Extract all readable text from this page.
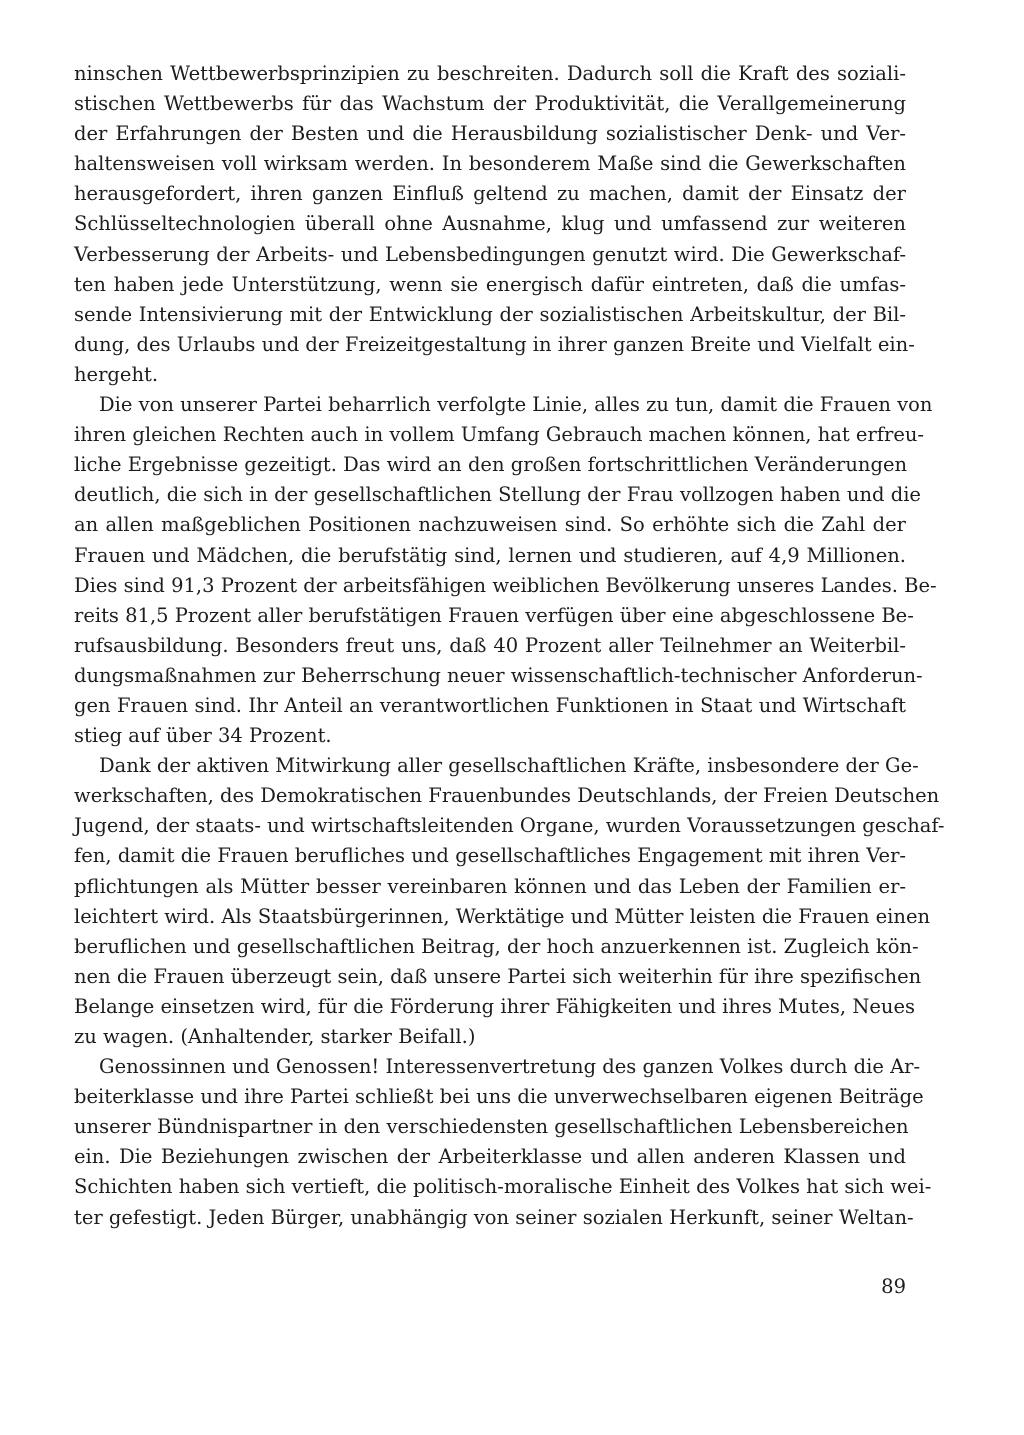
ninschen Wettbewerbsprinzipien zu beschreiten. Dadurch soll die Kraft des soziali-
stischen Wettbewerbs für das Wachstum der Produktivität, die Verallgemeinerung
der Erfahrungen der Besten und die Herausbildung sozialistischer Denk- und Ver-
haltensweisen voll wirksam werden. In besonderem Maße sind die Gewerkschaften
herausgefordert, ihren ganzen Einfluß geltend zu machen, damit der Einsatz der
Schlüsseltechnologien überall ohne Ausnahme, klug und umfassend zur weiteren
Verbesserung der Arbeits- und Lebensbedingungen genutzt wird. Die Gewerkschaf-
ten haben jede Unterstützung, wenn sie energisch dafür eintreten, daß die umfas-
sende Intensivierung mit der Entwicklung der sozialistischen Arbeitskultur, der Bil-
dung, des Urlaubs und der Freizeitgestaltung in ihrer ganzen Breite und Vielfalt ein-
hergeht.
Die von unserer Partei beharrlich verfolgte Linie, alles zu tun, damit die Frauen von
ihren gleichen Rechten auch in vollem Umfang Gebrauch machen können, hat erfreu-
liche Ergebnisse gezeitigt. Das wird an den großen fortschrittlichen Veränderungen
deutlich, die sich in der gesellschaftlichen Stellung der Frau vollzogen haben und die
an allen maßgeblichen Positionen nachzuweisen sind. So erhöhte sich die Zahl der
Frauen und Mädchen, die berufstätig sind, lernen und studieren, auf 4,9 Millionen.
Dies sind 91,3 Prozent der arbeitsfähigen weiblichen Bevölkerung unseres Landes. Be-
reits 81,5 Prozent aller berufstätigen Frauen verfügen über eine abgeschlossene Be-
rufsausbildung. Besonders freut uns, daß 40 Prozent aller Teilnehmer an Weiterbil-
dungsmaßnahmen zur Beherrschung neuer wissenschaftlich-technischer Anforderun-
gen Frauen sind. Ihr Anteil an verantwortlichen Funktionen in Staat und Wirtschaft
stieg auf über 34 Prozent.
Dank der aktiven Mitwirkung aller gesellschaftlichen Kräfte, insbesondere der Ge-
werkschaften, des Demokratischen Frauenbundes Deutschlands, der Freien Deutschen
Jugend, der staats- und wirtschaftsleitenden Organe, wurden Voraussetzungen geschaf-
fen, damit die Frauen berufliches und gesellschaftliches Engagement mit ihren Ver-
pflichtungen als Mütter besser vereinbaren können und das Leben der Familien er-
leichtert wird. Als Staatsbürgerinnen, Werktätige und Mütter leisten die Frauen einen
beruflichen und gesellschaftlichen Beitrag, der hoch anzuerkennen ist. Zugleich kön-
nen die Frauen überzeugt sein, daß unsere Partei sich weiterhin für ihre spezifischen
Belange einsetzen wird, für die Förderung ihrer Fähigkeiten und ihres Mutes, Neues
zu wagen. (Anhaltender, starker Beifall.)
Genossinnen und Genossen! Interessenvertretung des ganzen Volkes durch die Ar-
beiterklasse und ihre Partei schließt bei uns die unverwechselbaren eigenen Beiträge
unserer Bündnispartner in den verschiedensten gesellschaftlichen Lebensbereichen
ein. Die Beziehungen zwischen der Arbeiterklasse und allen anderen Klassen und
Schichten haben sich vertieft, die politisch-moralische Einheit des Volkes hat sich wei-
ter gefestigt. Jeden Bürger, unabhängig von seiner sozialen Herkunft, seiner Weltan-
89
